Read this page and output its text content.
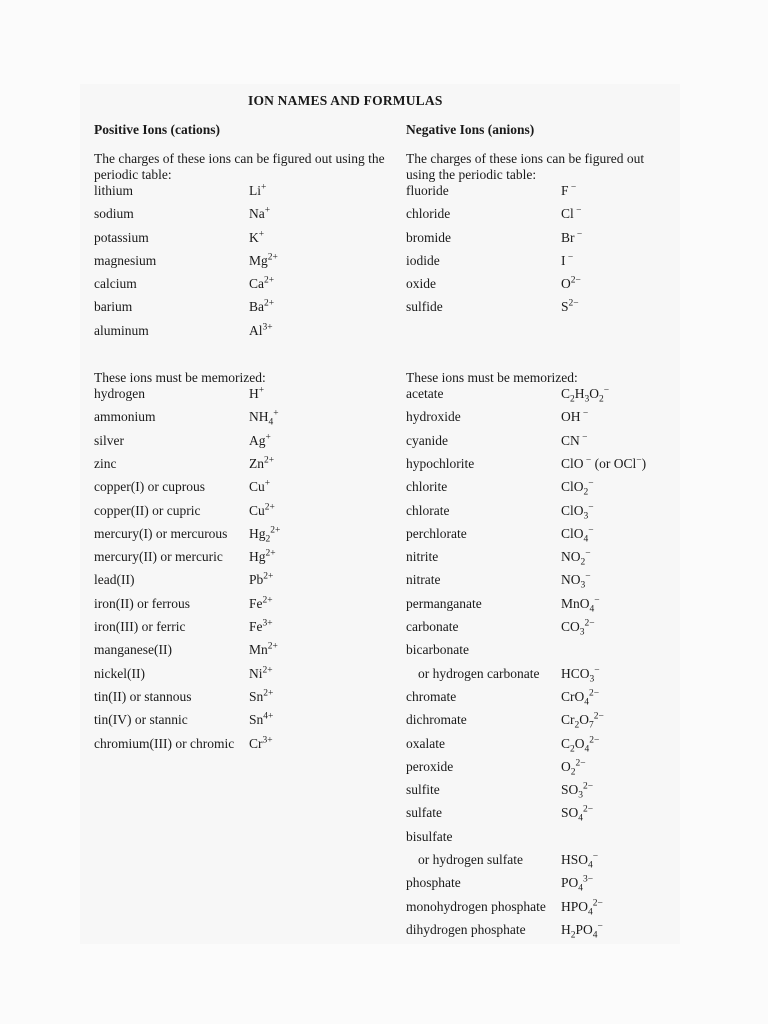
ION NAMES AND FORMULAS
Positive Ions (cations)
The charges of these ions can be figured out using the periodic table:
lithium	Li+
sodium	Na+
potassium	K+
magnesium	$Mg^{2+}$
calcium	$Ca^{2+}$
barium	$Ba^{2+}$
aluminum	$Al^{3+}$
These ions must be memorized:
hydrogen	H+
ammonium	$NH_4^+$
silver	Ag+
zinc	$Zn^{2+}$
copper(I) or cuprous	Cu+
copper(II) or cupric	$Cu^{2+}$
mercury(I) or mercurous $Hg_2^{2+}$
mercury(II) or mercuric $Hg^{2+}$
lead(II)	$Pb^{2+}$
iron(II) or ferrous	$Fe^{2+}$
iron(III) or ferric	$Fe^{3+}$
manganese(II)	$Mn^{2+}$
nickel(II)	$Ni^{2+}$
tin(II) or stannous	$Sn^{2+}$
tin(IV) or stannic	$Sn^{4+}$
chromium(III) or chromic $Cr^{3+}$
Negative Ions (anions)
The charges of these ions can be figured out using the periodic table:
fluoride	F −
chloride	Cl −
bromide	Br −
iodide	I −
oxide	$O^{2-}$
sulfide	$S^{2-}$
These ions must be memorized:
acetate	$C_2H_3O_2^-$
hydroxide	OH −
cyanide	CN −
hypochlorite	ClO − (or OCl−)
chlorite	ClO$_2$−
chlorate	ClO$_3$−
perchlorate	ClO$_4$−
nitrite	$NO_2^-$
nitrate	$NO_3^-$
permanganate	MnO$_4$−
carbonate	$CO_3^{2-}$
bicarbonate
or hydrogen carbonate $HCO_3^-$
chromate	CrO$_4^{2-}$
dichromate	$Cr_2O_7^{2-}$
oxalate	$C_2O_4^{2-}$
peroxide	$O_2^{2-}$
sulfite	$SO_3^{2-}$
sulfate	$SO_4^{2-}$
bisulfate
or hydrogen sulfate	$HSO_4^-$
phosphate	$PO_4^{3-}$
monohydrogen phosphate $HPO_4^{2-}$
dihydrogen phosphate	$H_2PO_4^-$
